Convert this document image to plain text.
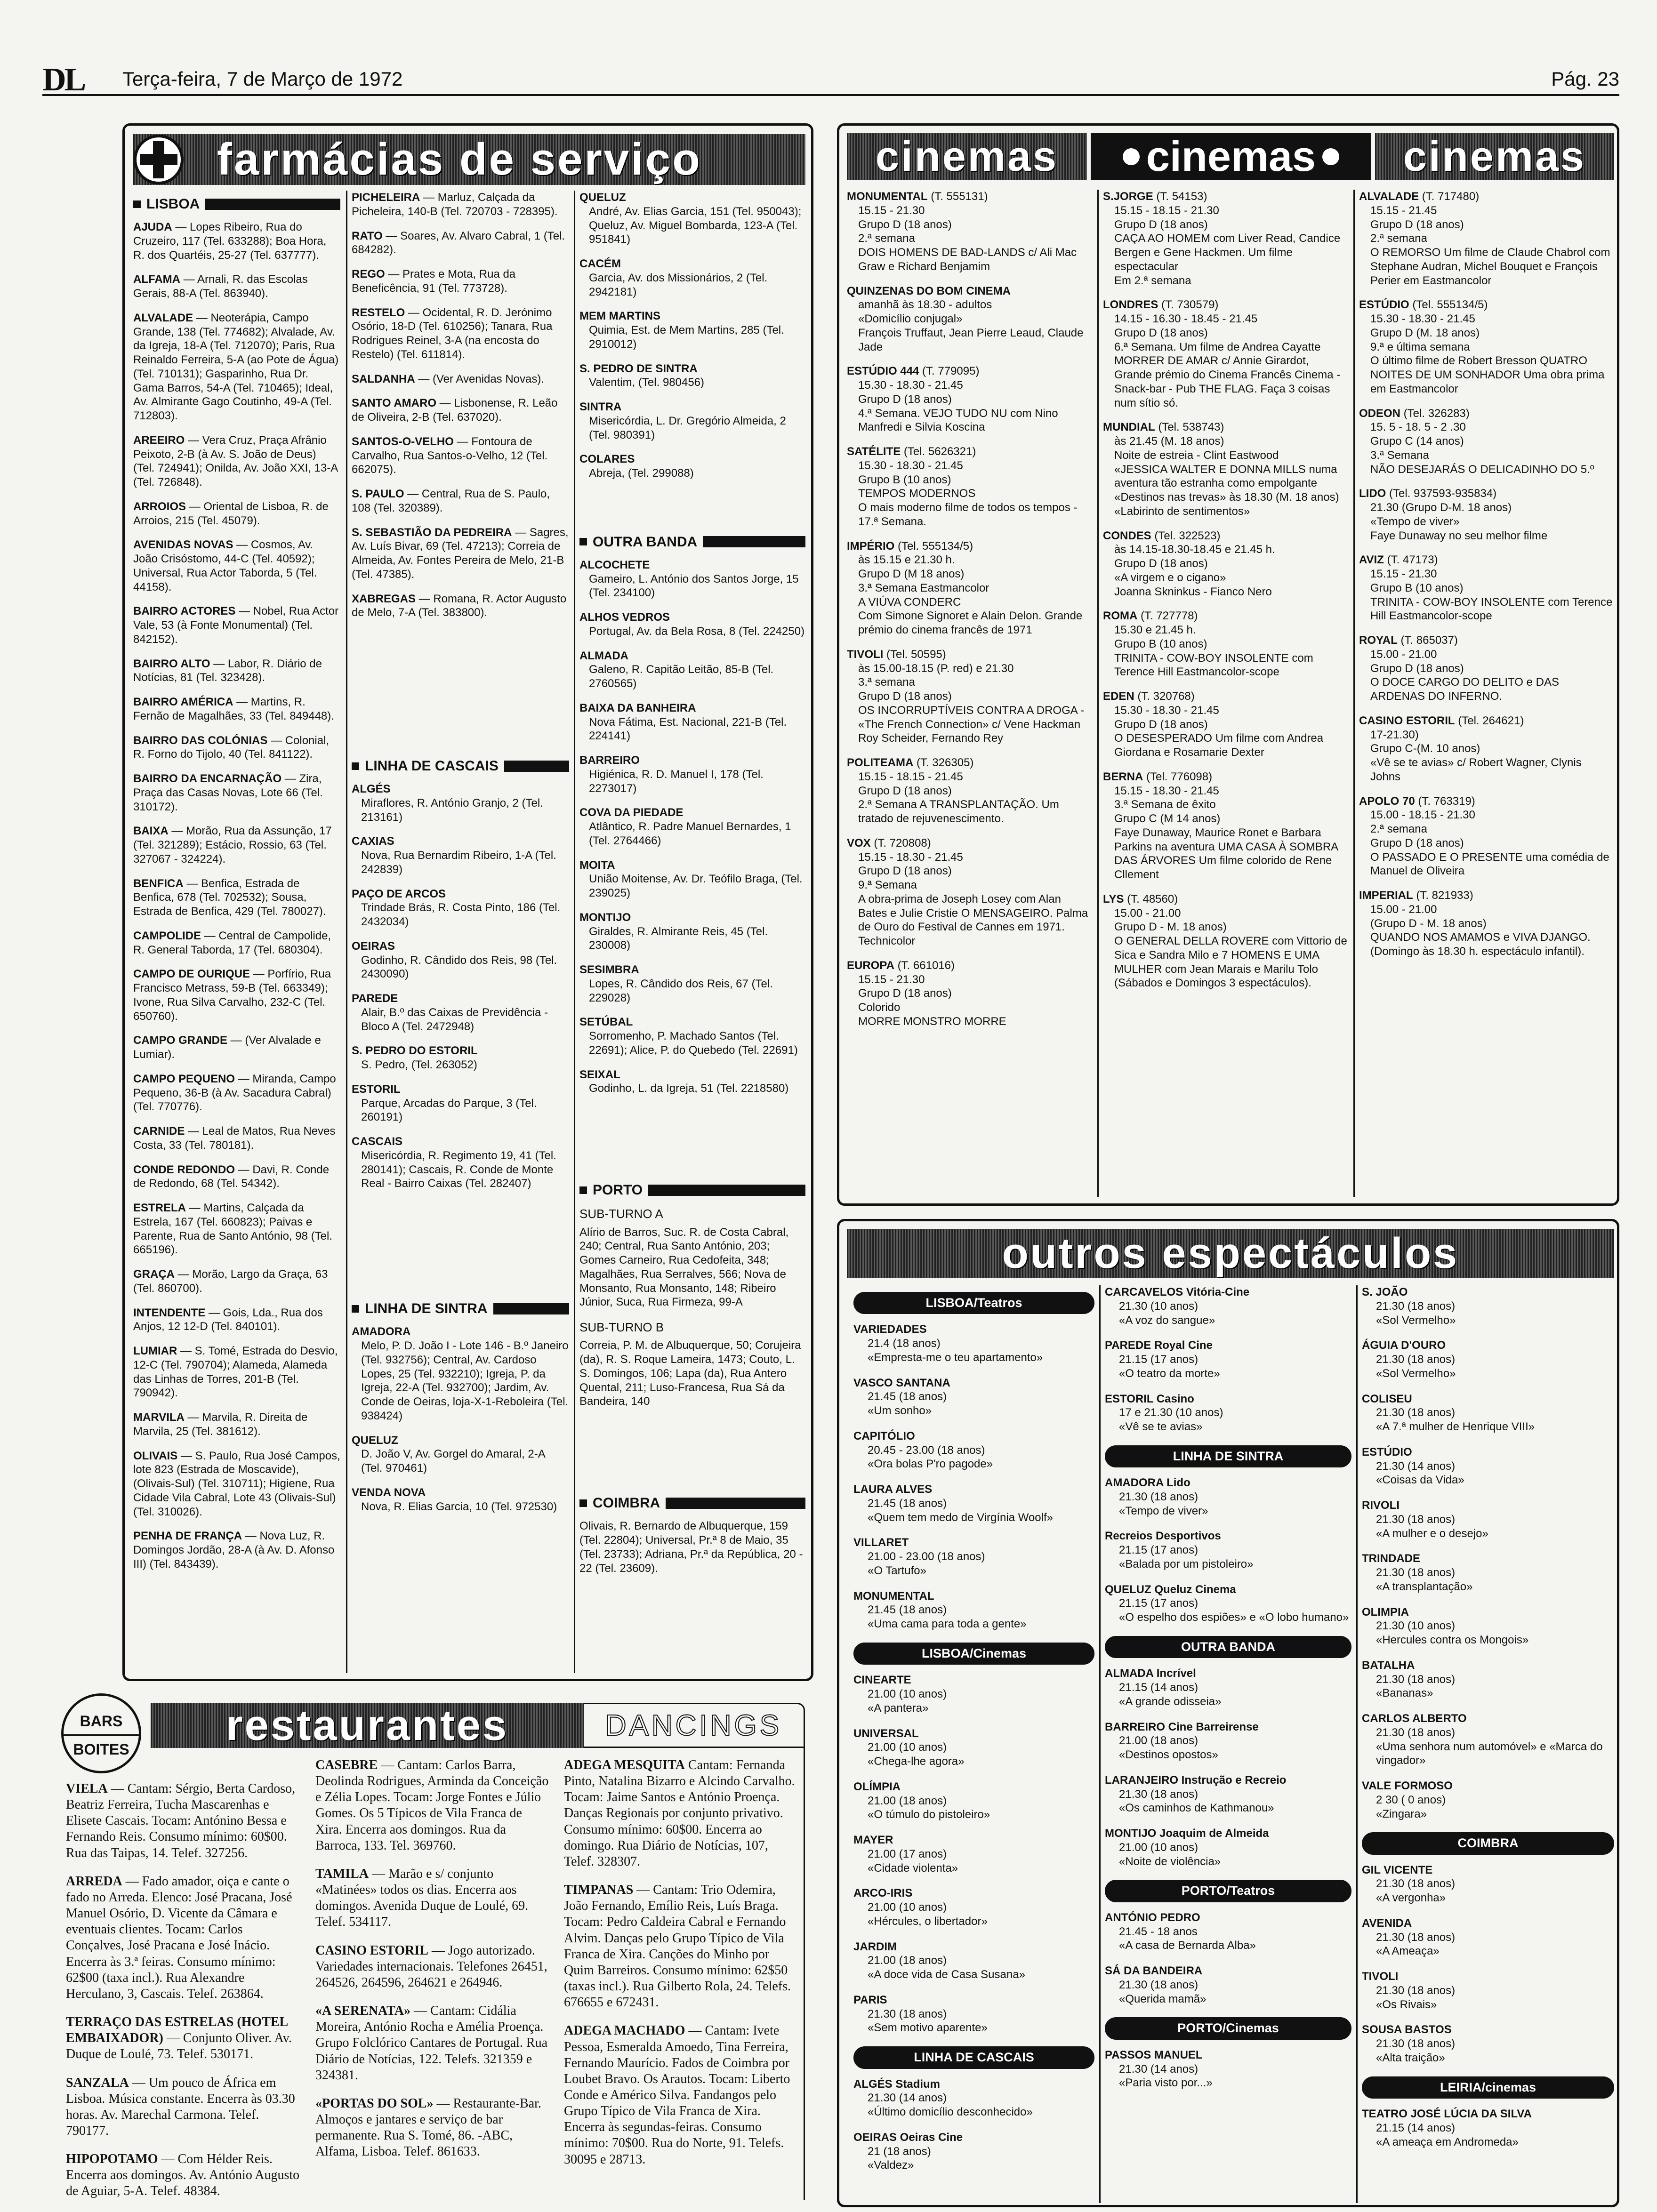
DL Terça-feira, 7 de Março de 1972	Pág. 23
farmácias de serviço
LISBOA
AJUDA — Lopes Ribeiro, Rua do Cruzeiro, 117 (Tel. 633288); Boa Hora, R. dos Quartéis, 25-27 (Tel. 637777).
ALFAMA — Arnali, R. das Escolas Gerais, 88-A (Tel. 863940).
ALVALADE — Neoterápia, Campo Grande, 138 (Tel. 774682); Alvalade, Av. da Igreja, 18-A (Tel. 712070); Paris, Rua Reinaldo Ferreira, 5-A (ao Pote de Água) (Tel. 710131); Gasparinho, Rua Dr. Gama Barros, 54-A (Tel. 710465); Ideal, Av. Almirante Gago Coutinho, 49-A (Tel. 712803).
AREEIRO — Vera Cruz, Praça Afrânio Peixoto, 2-B (à Av. S. João de Deus) (Tel. 724941); Onilda, Av. João XXI, 13-A (Tel. 726848).
ARROIOS — Oriental de Lisboa, R. de Arroios, 215 (Tel. 45079).
AVENIDAS NOVAS — Cosmos, Av. João Crisóstomo, 44-C (Tel. 40592); Universal, Rua Actor Taborda, 5 (Tel. 44158).
BAIRRO ACTORES — Nobel, Rua Actor Vale, 53 (à Fonte Monumental) (Tel. 842152).
BAIRRO ALTO — Labor, R. Diário de Notícias, 81 (Tel. 323428).
BAIRRO AMÉRICA — Martins, R. Fernão de Magalhães, 33 (Tel. 849448).
BAIRRO DAS COLÓNIAS — Colonial, R. Forno do Tijolo, 40 (Tel. 841122).
BAIRRO DA ENCARNAÇÃO — Zira, Praça das Casas Novas, Lote 66 (Tel. 310172).
BAIXA — Morão, Rua da Assunção, 17 (Tel. 321289); Estácio, Rossio, 63 (Tel. 327067 - 324224).
BENFICA — Benfica, Estrada de Benfica, 678 (Tel. 702532); Sousa, Estrada de Benfica, 429 (Tel. 780027).
CAMPOLIDE — Central de Campolide, R. General Taborda, 17 (Tel. 680304).
CAMPO DE OURIQUE — Porfírio, Rua Francisco Metrass, 59-B (Tel. 663349); Ivone, Rua Silva Carvalho, 232-C (Tel. 650760).
CAMPO GRANDE — (Ver Alvalade e Lumiar).
CAMPO PEQUENO — Miranda, Campo Pequeno, 36-B (à Av. Sacadura Cabral) (Tel. 770776).
CARNIDE — Leal de Matos, Rua Neves Costa, 33 (Tel. 780181).
CONDE REDONDO — Davi, R. Conde de Redondo, 68 (Tel. 54342).
ESTRELA — Martins, Calçada da Estrela, 167 (Tel. 660823); Paivas e Parente, Rua de Santo António, 98 (Tel. 665196).
GRAÇA — Morão, Largo da Graça, 63 (Tel. 860700).
INTENDENTE — Gois, Lda., Rua dos Anjos, 12 12-D (Tel. 840101).
LUMIAR — S. Tomé, Estrada do Desvio, 12-C (Tel. 790704); Alameda, Alameda das Linhas de Torres, 201-B (Tel. 790942).
MARVILA — Marvila, R. Direita de Marvila, 25 (Tel. 381612).
OLIVAIS — S. Paulo, Rua José Campos, lote 823 (Estrada de Moscavide), (Olivais-Sul) (Tel. 310711); Higiene, Rua Cidade Vila Cabral, Lote 43 (Olivais-Sul) (Tel. 310026).
PENHA DE FRANÇA — Nova Luz, R. Domingos Jordão, 28-A (à Av. D. Afonso III) (Tel. 843439).
PICHELEIRA — Marluz, Calçada da Picheleira, 140-B (Tel. 720703 - 728395).
RATO — Soares, Av. Alvaro Cabral, 1 (Tel. 684282).
REGO — Prates e Mota, Rua da Beneficência, 91 (Tel. 773728).
RESTELO — Ocidental, R. D. Jerónimo Osório, 18-D (Tel. 610256); Tanara, Rua Rodrigues Reinel, 3-A (na encosta do Restelo) (Tel. 611814).
SALDANHA — (Ver Avenidas Novas).
SANTO AMARO — Lisbonense, R. Leão de Oliveira, 2-B (Tel. 637020).
SANTOS-O-VELHO — Fontoura de Carvalho, Rua Santos-o-Velho, 12 (Tel. 662075).
S. PAULO — Central, Rua de S. Paulo, 108 (Tel. 320389).
S. SEBASTIÃO DA PEDREIRA — Sagres, Av. Luís Bivar, 69 (Tel. 47213); Correia de Almeida, Av. Fontes Pereira de Melo, 21-B (Tel. 47385).
XABREGAS — Romana, R. Actor Augusto de Melo, 7-A (Tel. 383800).
LINHA DE CASCAIS
ALGÉS
Miraflores, R. António Granjo, 2 (Tel. 213161)
CAXIAS
Nova, Rua Bernardim Ribeiro, 1-A (Tel. 242839)
PAÇO DE ARCOS
Trindade Brás, R. Costa Pinto, 186 (Tel. 2432034)
OEIRAS
Godinho, R. Cândido dos Reis, 98 (Tel. 2430090)
PAREDE
Alair, B.º das Caixas de Previdência - Bloco A (Tel. 2472948)
S. PEDRO DO ESTORIL
S. Pedro, (Tel. 263052)
ESTORIL
Parque, Arcadas do Parque, 3 (Tel. 260191)
CASCAIS
Misericórdia, R. Regimento 19, 41 (Tel. 280141); Cascais, R. Conde de Monte Real - Bairro Caixas (Tel. 282407)
LINHA DE SINTRA
AMADORA
Melo, P. D. João I - Lote 146 - B.º Janeiro (Tel. 932756); Central, Av. Cardoso Lopes, 25 (Tel. 932210); Igreja, P. da Igreja, 22-A (Tel. 932700); Jardim, Av. Conde de Oeiras, loja-X-1-Reboleira (Tel. 938424)
QUELUZ
D. João V, Av. Gorgel do Amaral, 2-A (Tel. 970461)
VENDA NOVA
Nova, R. Elias Garcia, 10 (Tel. 972530)
QUELUZ
André, Av. Elias Garcia, 151 (Tel. 950043); Queluz, Av. Miguel Bombarda, 123-A (Tel. 951841)
CACÉM
Garcia, Av. dos Missionários, 2 (Tel. 2942181)
MEM MARTINS
Quimia, Est. de Mem Martins, 285 (Tel. 2910012)
S. PEDRO DE SINTRA
Valentim, (Tel. 980456)
SINTRA
Misericórdia, L. Dr. Gregório Almeida, 2 (Tel. 980391)
COLARES
Abreja, (Tel. 299088)
OUTRA BANDA
ALCOCHETE
Gameiro, L. António dos Santos Jorge, 15 (Tel. 234100)
ALHOS VEDROS
Portugal, Av. da Bela Rosa, 8 (Tel. 224250)
ALMADA
Galeno, R. Capitão Leitão, 85-B (Tel. 2760565)
BAIXA DA BANHEIRA
Nova Fátima, Est. Nacional, 221-B (Tel. 224141)
BARREIRO
Higiénica, R. D. Manuel I, 178 (Tel. 2273017)
COVA DA PIEDADE
Atlântico, R. Padre Manuel Bernardes, 1 (Tel. 2764466)
MOITA
União Moitense, Av. Dr. Teófilo Braga, (Tel. 239025)
MONTIJO
Giraldes, R. Almirante Reis, 45 (Tel. 230008)
SESIMBRA
Lopes, R. Cândido dos Reis, 67 (Tel. 229028)
SETÚBAL
Sorromenho, P. Machado Santos (Tel. 22691); Alice, P. do Quebedo (Tel. 22691)
SEIXAL
Godinho, L. da Igreja, 51 (Tel. 2218580)
PORTO
SUB-TURNO A
Alírio de Barros, Suc. R. de Costa Cabral, 240; Central, Rua Santo António, 203; Gomes Carneiro, Rua Cedofeita, 348; Magalhães, Rua Serralves, 566; Nova de Monsanto, Rua Monsanto, 148; Ribeiro Júnior, Suca, Rua Firmeza, 99-A
SUB-TURNO B
Correia, P. M. de Albuquerque, 50; Corujeira (da), R. S. Roque Lameira, 1473; Couto, L. S. Domingos, 106; Lapa (da), Rua Antero Quental, 211; Luso-Francesa, Rua Sá da Bandeira, 140
COIMBRA
Olivais, R. Bernardo de Albuquerque, 159 (Tel. 22804); Universal, Pr.ª 8 de Maio, 35 (Tel. 23733); Adriana, Pr.ª da República, 20 - 22 (Tel. 23609).
cinemas cinemas cinemas
MONUMENTAL (T. 555131)
15.15 - 21.30
Grupo D (18 anos)
2.ª semana
DOIS HOMENS DE BAD-LANDS c/ Ali Mac Graw e Richard Benjamim
QUINZENAS DO BOM CINEMA
amanhã às 18.30 - adultos
«Domicílio conjugal»
François Truffaut, Jean Pierre Leaud, Claude Jade
ESTÚDIO 444 (T. 779095)
15.30 - 18.30 - 21.45
Grupo D (18 anos)
4.ª Semana. VEJO TUDO NU com Nino Manfredi e Silvia Koscina
SATÉLITE (Tel. 5626321)
15.30 - 18.30 - 21.45
Grupo B (10 anos)
TEMPOS MODERNOS
O mais moderno filme de todos os tempos - 17.ª Semana.
IMPÉRIO (Tel. 555134/5)
às 15.15 e 21.30 h.
Grupo D (M 18 anos)
3.ª Semana Eastmancolor
A VIÚVA CONDERC
Com Simone Signoret e Alain Delon. Grande prémio do cinema francês de 1971
TIVOLI (Tel. 50595)
às 15.00-18.15 (P. red) e 21.30
3.ª semana
Grupo D (18 anos)
OS INCORRUPTÍVEIS CONTRA A DROGA - «The French Connection» c/ Vene Hackman Roy Scheider, Fernando Rey
POLITEAMA (T. 326305)
15.15 - 18.15 - 21.45
Grupo D (18 anos)
2.ª Semana A TRANSPLANTAÇÃO. Um tratado de rejuvenescimento.
VOX (T. 720808)
15.15 - 18.30 - 21.45
Grupo D (18 anos)
9.ª Semana
A obra-prima de Joseph Losey com Alan Bates e Julie Cristie O MENSAGEIRO. Palma de Ouro do Festival de Cannes em 1971. Technicolor
EUROPA (T. 661016)
15.15 - 21.30
Grupo D (18 anos)
Colorido
MORRE MONSTRO MORRE
S.JORGE (T. 54153)
15.15 - 18.15 - 21.30
Grupo D (18 anos)
CAÇA AO HOMEM com Liver Read, Candice Bergen e Gene Hackmen. Um filme espectacular
Em 2.ª semana
LONDRES (T. 730579)
14.15 - 16.30 - 18.45 - 21.45
Grupo D (18 anos)
6.ª Semana. Um filme de Andrea Cayatte MORRER DE AMAR c/ Annie Girardot, Grande prémio do Cinema Francês Cinema - Snack-bar - Pub THE FLAG. Faça 3 coisas num sítio só.
MUNDIAL (Tel. 538743)
às 21.45 (M. 18 anos)
Noite de estreia - Clint Eastwood
«JESSICA WALTER E DONNA MILLS numa aventura tão estranha como empolgante «Destinos nas trevas» às 18.30 (M. 18 anos) «Labirinto de sentimentos»
CONDES (Tel. 322523)
às 14.15-18.30-18.45 e 21.45 h.
Grupo D (18 anos)
«A virgem e o cigano»
Joanna Skninkus - Fianco Nero
ROMA (T. 727778)
15.30 e 21.45 h.
Grupo B (10 anos)
TRINITA - COW-BOY INSOLENTE com Terence Hill Eastmancolor-scope
EDEN (T. 320768)
15.30 - 18.30 - 21.45
Grupo D (18 anos)
O DESESPERADO Um filme com Andrea Giordana e Rosamarie Dexter
BERNA (Tel. 776098)
15.15 - 18.30 - 21.45
3.ª Semana de êxito
Grupo C (M 14 anos)
Faye Dunaway, Maurice Ronet e Barbara Parkins na aventura UMA CASA À SOMBRA DAS ÁRVORES Um filme colorido de Rene Cllement
LYS (T. 48560)
15.00 - 21.00
Grupo D - M. 18 anos)
O GENERAL DELLA ROVERE com Vittorio de Sica e Sandra Milo e 7 HOMENS E UMA MULHER com Jean Marais e Marilu Tolo (Sábados e Domingos 3 espectáculos).
ALVALADE (T. 717480)
15.15 - 21.45
Grupo D (18 anos)
2.ª semana
O REMORSO Um filme de Claude Chabrol com Stephane Audran, Michel Bouquet e François Perier em Eastmancolor
ESTÚDIO (Tel. 555134/5)
15.30 - 18.30 - 21.45
Grupo D (M. 18 anos)
9.ª e última semana
O último filme de Robert Bresson QUATRO NOITES DE UM SONHADOR Uma obra prima em Eastmancolor
ODEON (Tel. 326283)
15. 5 - 18. 5 - 2 .30
Grupo C (14 anos)
3.ª Semana
NÃO DESEJARÁS O DELICADINHO DO 5.º
LIDO (Tel. 937593-935834)
21.30 (Grupo D-M. 18 anos)
«Tempo de viver»
Faye Dunaway no seu melhor filme
AVIZ (T. 47173)
15.15 - 21.30
Grupo B (10 anos)
TRINITA - COW-BOY INSOLENTE com Terence Hill Eastmancolor-scope
ROYAL (T. 865037)
15.00 - 21.00
Grupo D (18 anos)
O DOCE CARGO DO DELITO e DAS ARDENAS DO INFERNO.
CASINO ESTORIL (Tel. 264621)
17-21.30)
Grupo C-(M. 10 anos)
«Vê se te avias» c/ Robert Wagner, Clynis Johns
APOLO 70 (T. 763319)
15.00 - 18.15 - 21.30
2.ª semana
Grupo D (18 anos)
O PASSADO E O PRESENTE uma comédia de Manuel de Oliveira
IMPERIAL (T. 821933)
15.00 - 21.00
(Grupo D - M. 18 anos)
QUANDO NOS AMAMOS e VIVA DJANGO. (Domingo às 18.30 h. espectáculo infantil).
outros espectáculos
LISBOA/Teatros
VARIEDADES
21.4 (18 anos)
«Empresta-me o teu apartamento»
VASCO SANTANA
21.45 (18 anos)
«Um sonho»
CAPITÓLIO
20.45 - 23.00 (18 anos)
«Ora bolas P'ro pagode»
LAURA ALVES
21.45 (18 anos)
«Quem tem medo de Virgínia Woolf»
VILLARET
21.00 - 23.00 (18 anos)
«O Tartufo»
MONUMENTAL
21.45 (18 anos)
«Uma cama para toda a gente»
LISBOA/Cinemas
CINEARTE
21.00 (10 anos)
«A pantera»
UNIVERSAL
21.00 (10 anos)
«Chega-lhe agora»
OLÍMPIA
21.00 (18 anos)
«O túmulo do pistoleiro»
MAYER
21.00 (17 anos)
«Cidade violenta»
ARCO-IRIS
21.00 (10 anos)
«Hércules, o libertador»
JARDIM
21.00 (18 anos)
«A doce vida de Casa Susana»
PARIS
21.30 (18 anos)
«Sem motivo aparente»
LINHA DE CASCAIS
ALGÉS Stadium
21.30 (14 anos)
«Último domicílio desconhecido»
OEIRAS Oeiras Cine
21 (18 anos)
«Valdez»
CARCAVELOS Vitória-Cine
21.30 (10 anos)
«A voz do sangue»
PAREDE Royal Cine
21.15 (17 anos)
«O teatro da morte»
ESTORIL Casino
17 e 21.30 (10 anos)
«Vê se te avias»
LINHA DE SINTRA
AMADORA Lido
21.30 (18 anos)
«Tempo de viver»
Recreios Desportivos
21.15 (17 anos)
«Balada por um pistoleiro»
QUELUZ Queluz Cinema
21.15 (17 anos)
«O espelho dos espiões» e «O lobo humano»
OUTRA BANDA
ALMADA Incrível
21.15 (14 anos)
«A grande odisseia»
BARREIRO Cine Barreirense
21.00 (18 anos)
«Destinos opostos»
LARANJEIRO Instrução e Recreio
21.30 (18 anos)
«Os caminhos de Kathmanou»
MONTIJO Joaquim de Almeida
21.00 (10 anos)
«Noite de violência»
PORTO/Teatros
ANTÓNIO PEDRO
21.45 - 18 anos
«A casa de Bernarda Alba»
SÁ DA BANDEIRA
21.30 (18 anos)
«Querida mamã»
PORTO/Cinemas
PASSOS MANUEL
21.30 (14 anos)
«Paria visto por...»
S. JOÃO
21.30 (18 anos)
«Sol Vermelho»
ÁGUIA D'OURO
21.30 (18 anos)
«Sol Vermelho»
COLISEU
21.30 (18 anos)
«A 7.ª mulher de Henrique VIII»
ESTÚDIO
21.30 (14 anos)
«Coisas da Vida»
RIVOLI
21.30 (18 anos)
«A mulher e o desejo»
TRINDADE
21.30 (18 anos)
«A transplantação»
OLIMPIA
21.30 (10 anos)
«Hercules contra os Mongois»
BATALHA
21.30 (18 anos)
«Bananas»
CARLOS ALBERTO
21.30 (18 anos)
«Uma senhora num automóvel» e «Marca do vingador»
VALE FORMOSO
2 30 ( 0 anos)
«Zingara»
COIMBRA
GIL VICENTE
21.30 (18 anos)
«A vergonha»
AVENIDA
21.30 (18 anos)
«A Ameaça»
TIVOLI
21.30 (18 anos)
«Os Rivais»
SOUSA BASTOS
21.30 (18 anos)
«Alta traição»
LEIRIA/cinemas
TEATRO JOSÉ LÚCIA DA SILVA
21.15 (14 anos)
«A ameaça em Andromeda»
BARS
BOITES
restaurantes	DANCINGS
VIELA — Cantam: Sérgio, Berta Cardoso, Beatriz Ferreira, Tucha Mascarenhas e Elisete Cascais. Tocam: Antónino Bessa e Fernando Reis. Consumo mínimo: 60$00. Rua das Taipas, 14. Telef. 327256.
ARREDA — Fado amador, oiça e cante o fado no Arreda. Elenco: José Pracana, José Manuel Osório, D. Vicente da Câmara e eventuais clientes. Tocam: Carlos Conçalves, José Pracana e José Inácio. Encerra às 3.ª feiras. Consumo mínimo: 62$00 (taxa incl.). Rua Alexandre Herculano, 3, Cascais. Telef. 263864.
TERRAÇO DAS ESTRELAS (HOTEL EMBAIXADOR) — Conjunto Oliver. Av. Duque de Loulé, 73. Telef. 530171.
SANZALA — Um pouco de África em Lisboa. Música constante. Encerra às 03.30 horas. Av. Marechal Carmona. Telef. 790177.
HIPOPOTAMO — Com Hélder Reis. Encerra aos domingos. Av. António Augusto de Aguiar, 5-A. Telef. 48384.
CASEBRE — Cantam: Carlos Barra, Deolinda Rodrigues, Arminda da Conceição e Zélia Lopes. Tocam: Jorge Fontes e Júlio Gomes. Os 5 Típicos de Vila Franca de Xira. Encerra aos domingos. Rua da Barroca, 133. Tel. 369760.
TAMILA — Marão e s/ conjunto «Matinées» todos os dias. Encerra aos domingos. Avenida Duque de Loulé, 69. Telef. 534117.
CASINO ESTORIL — Jogo autorizado. Variedades internacionais. Telefones 26451, 264526, 264596, 264621 e 264946.
«A SERENATA» — Cantam: Cidália Moreira, António Rocha e Amélia Proença. Grupo Folclórico Cantares de Portugal. Rua Diário de Notícias, 122. Telefs. 321359 e 324381.
«PORTAS DO SOL» — Restaurante-Bar. Almoços e jantares e serviço de bar permanente. Rua S. Tomé, 86. -ABC, Alfama, Lisboa. Telef. 861633.
ADEGA MESQUITA Cantam: Fernanda Pinto, Natalina Bizarro e Alcindo Carvalho. Tocam: Jaime Santos e António Proença. Danças Regionais por conjunto privativo. Consumo mínimo: 60$00. Encerra ao domingo. Rua Diário de Notícias, 107, Telef. 328307.
TIMPANAS — Cantam: Trio Odemira, João Fernando, Emílio Reis, Luís Braga. Tocam: Pedro Caldeira Cabral e Fernando Alvim. Danças pelo Grupo Típico de Vila Franca de Xira. Canções do Minho por Quim Barreiros. Consumo mínimo: 62$50 (taxas incl.). Rua Gilberto Rola, 24. Telefs. 676655 e 672431.
ADEGA MACHADO — Cantam: Ivete Pessoa, Esmeralda Amoedo, Tina Ferreira, Fernando Maurício. Fados de Coimbra por Loubet Bravo. Os Arautos. Tocam: Liberto Conde e Américo Silva. Fandangos pelo Grupo Típico de Vila Franca de Xira. Encerra às segundas-feiras. Consumo mínimo: 70$00. Rua do Norte, 91. Telefs. 30095 e 28713.
